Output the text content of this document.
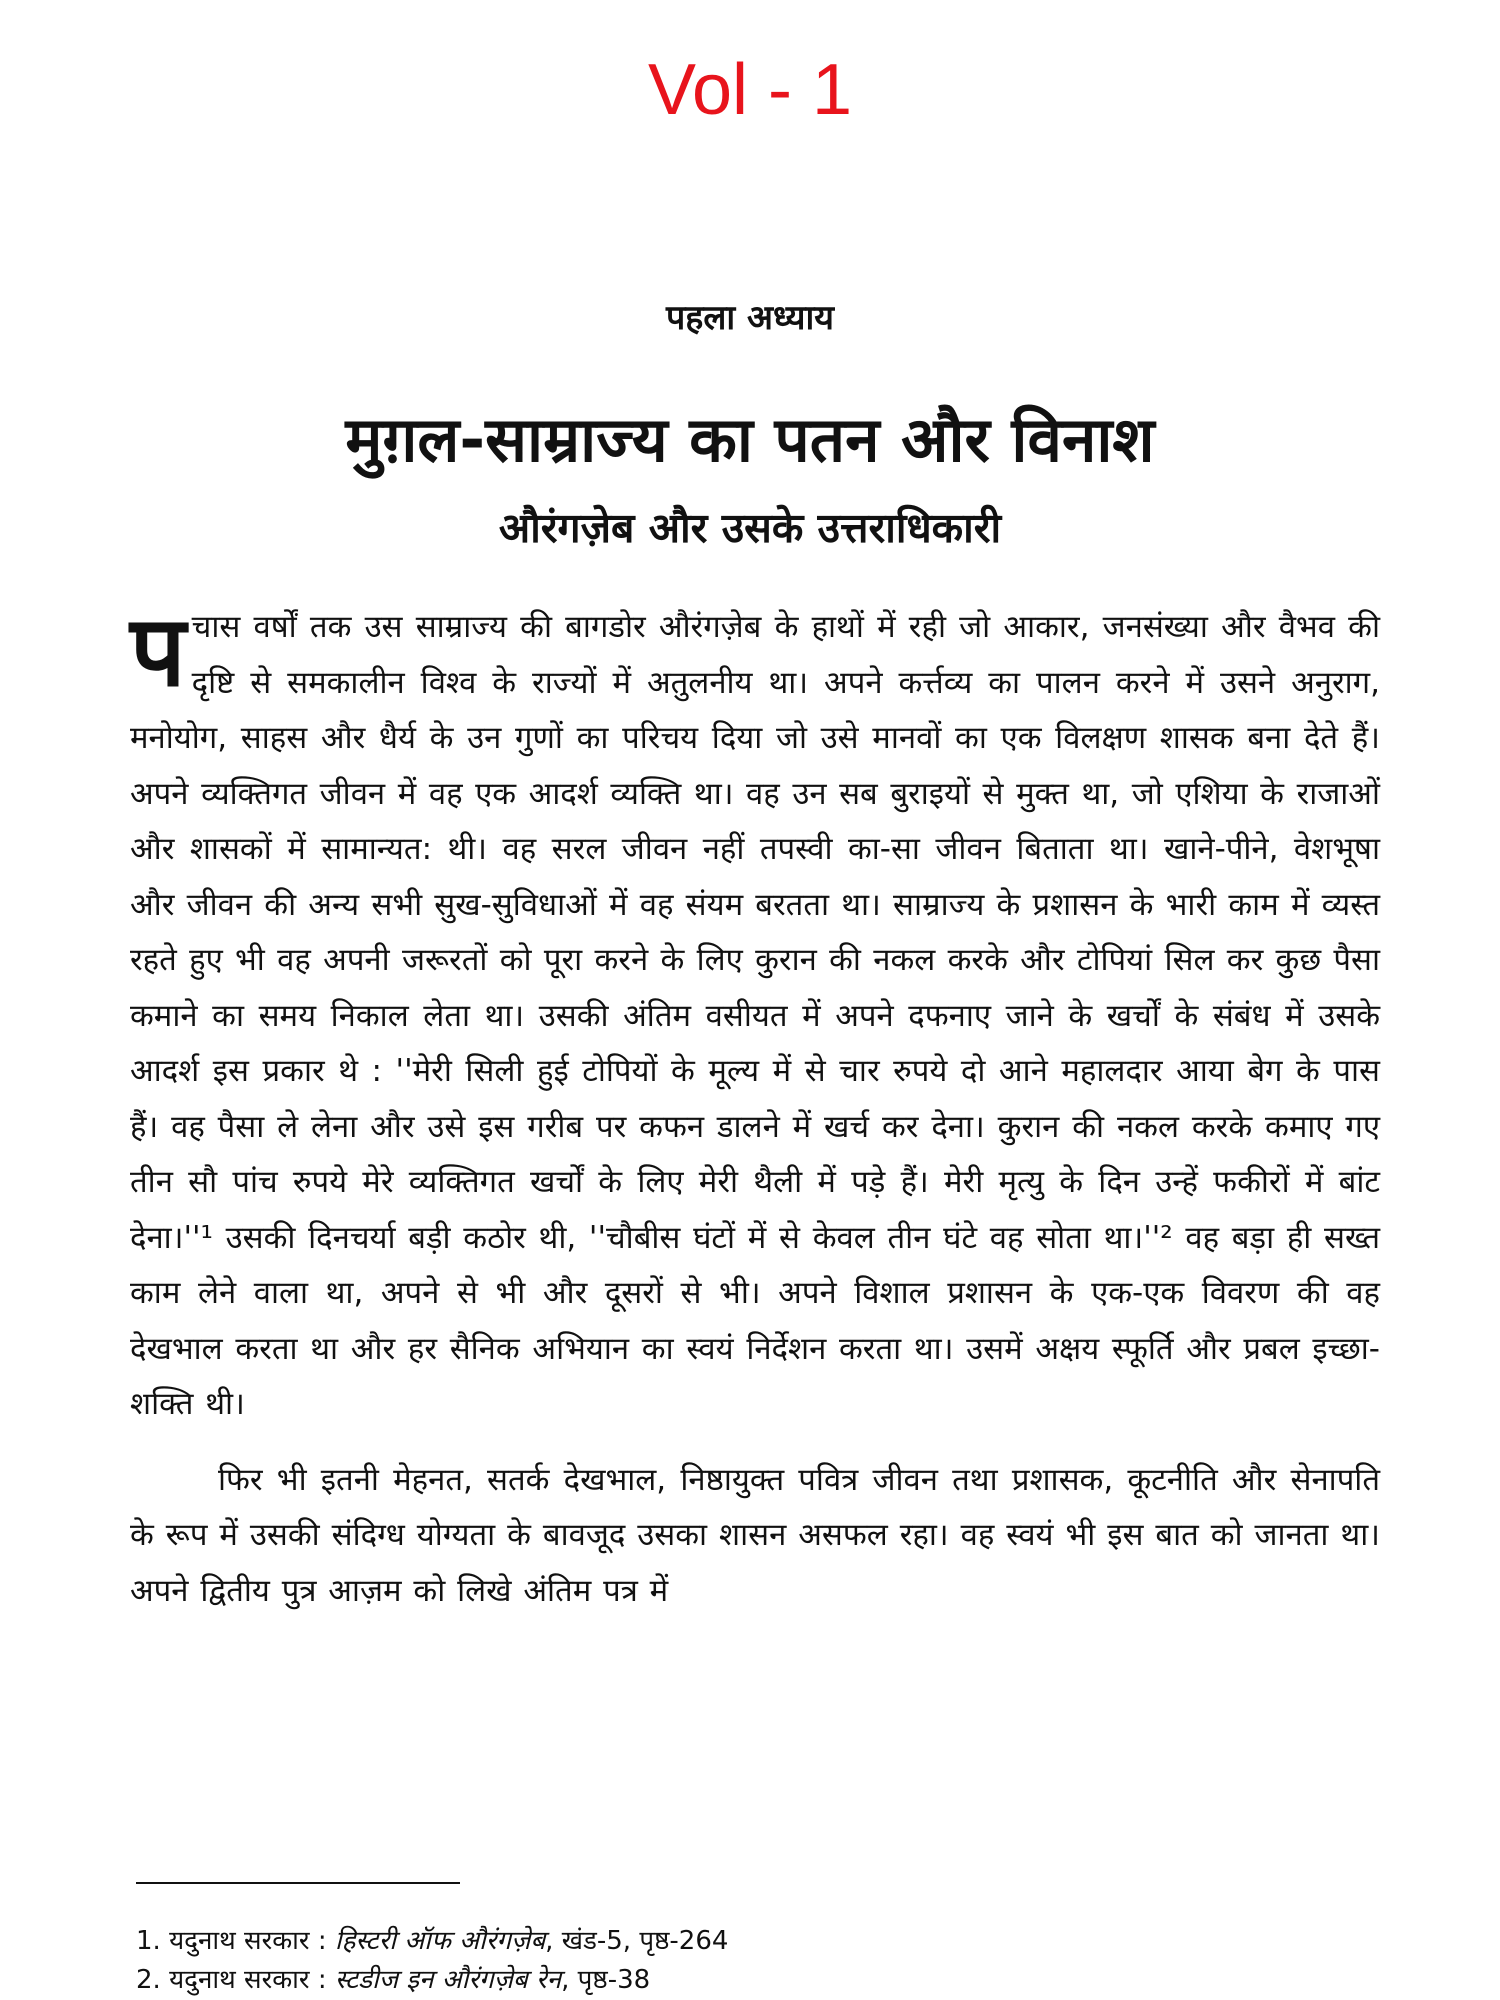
Vol - 1
पहला अध्याय
मुग़ल-साम्राज्य का पतन और विनाश
औरंगज़ेब और उसके उत्तराधिकारी

पचास वर्षों तक उस साम्राज्य की बागडोर औरंगज़ेब के हाथों में रही जो आकार, जनसंख्या और वैभव की दृष्टि से समकालीन विश्व के राज्यों में अतुलनीय था। अपने कर्त्तव्य का पालन करने में उसने अनुराग, मनोयोग, साहस और धैर्य के उन गुणों का परिचय दिया जो उसे मानवों का एक विलक्षण शासक बना देते हैं। अपने व्यक्तिगत जीवन में वह एक आदर्श व्यक्ति था। वह उन सब बुराइयों से मुक्त था, जो एशिया के राजाओं और शासकों में सामान्यत: थी। वह सरल जीवन नहीं तपस्वी का-सा जीवन बिताता था। खाने-पीने, वेशभूषा और जीवन की अन्य सभी सुख-सुविधाओं में वह संयम बरतता था। साम्राज्य के प्रशासन के भारी काम में व्यस्त रहते हुए भी वह अपनी जरूरतों को पूरा करने के लिए कुरान की नकल करके और टोपियां सिल कर कुछ पैसा कमाने का समय निकाल लेता था। उसकी अंतिम वसीयत में अपने दफनाए जाने के खर्चों के संबंध में उसके आदर्श इस प्रकार थे : ''मेरी सिली हुई टोपियों के मूल्य में से चार रुपये दो आने महालदार आया बेग के पास हैं। वह पैसा ले लेना और उसे इस गरीब पर कफन डालने में खर्च कर देना। कुरान की नकल करके कमाए गए तीन सौ पांच रुपये मेरे व्यक्तिगत खर्चों के लिए मेरी थैली में पड़े हैं। मेरी मृत्यु के दिन उन्हें फकीरों में बांट देना।''¹ उसकी दिनचर्या बड़ी कठोर थी, ''चौबीस घंटों में से केवल तीन घंटे वह सोता था।''² वह बड़ा ही सख्त काम लेने वाला था, अपने से भी और दूसरों से भी। अपने विशाल प्रशासन के एक-एक विवरण की वह देखभाल करता था और हर सैनिक अभियान का स्वयं निर्देशन करता था। उसमें अक्षय स्फूर्ति और प्रबल इच्छा-शक्ति थी।

फिर भी इतनी मेहनत, सतर्क देखभाल, निष्ठायुक्त पवित्र जीवन तथा प्रशासक, कूटनीति और सेनापति के रूप में उसकी संदिग्ध योग्यता के बावजूद उसका शासन असफल रहा। वह स्वयं भी इस बात को जानता था। अपने द्वितीय पुत्र आज़म को लिखे अंतिम पत्र में

1. यदुनाथ सरकार : हिस्टरी ऑफ औरंगज़ेब, खंड-5, पृष्ठ-264
2. यदुनाथ सरकार : स्टडीज इन औरंगज़ेब रेन, पृष्ठ-38
